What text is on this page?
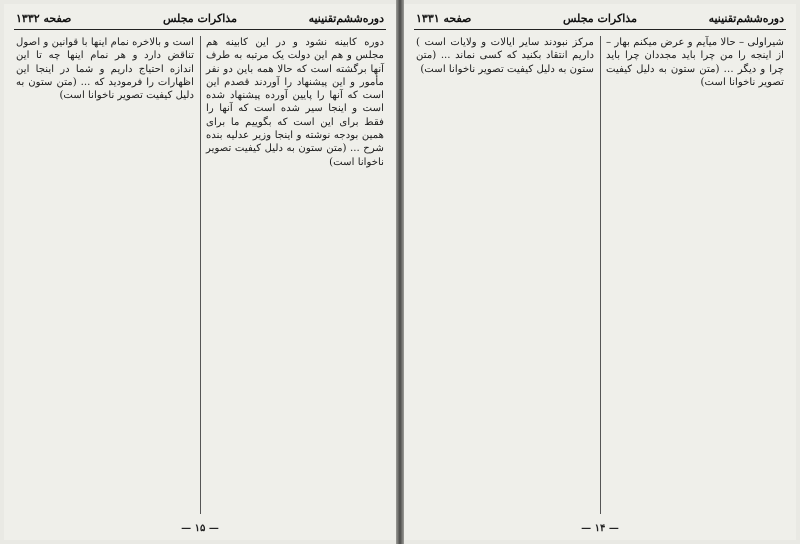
صفحه ۱۳۳۲	مذاکرات مجلس	دوره‌ششم‌تقنینیه
دوره کابینه نشود و در این کابینه هم مجلس و هم این دولت یک مرتبه به طرف آنها برگشته است که حالا همه باین دو نفر مأمور و این پیشنهاد را آوردند قصدم این است که آنها را پایین آورده پیشنهاد شده است و اینجا سیر شده است که آنها را فقط برای این است که بگوییم ما برای همین بودجه نوشته و اینجا وزیر عدلیه بنده شرح ... (متن ستون به دلیل کیفیت تصویر ناخوانا است)
است و بالاخره نمام اینها با قوانین و اصول تناقض دارد و هر نمام اینها چه تا این اندازه احتیاج داریم و شما در اینجا این اظهارات را فرمودید که ... (متن ستون به دلیل کیفیت تصویر ناخوانا است)
— ۱۵ —
صفحه ۱۳۳۱	مذاکرات مجلس	دوره‌ششم‌تقنینیه
شیراولی – حالا میآیم و عرض میکنم بهار – از اینجه را من چرا باید مجددان چرا باید چرا و دیگر … (متن ستون به دلیل کیفیت تصویر ناخوانا است)
مرکز نبودند سایر ایالات و ولایات است ) داریم انتقاد بکنید که کسی نماند ... (متن ستون به دلیل کیفیت تصویر ناخوانا است)
— ۱۴ —
